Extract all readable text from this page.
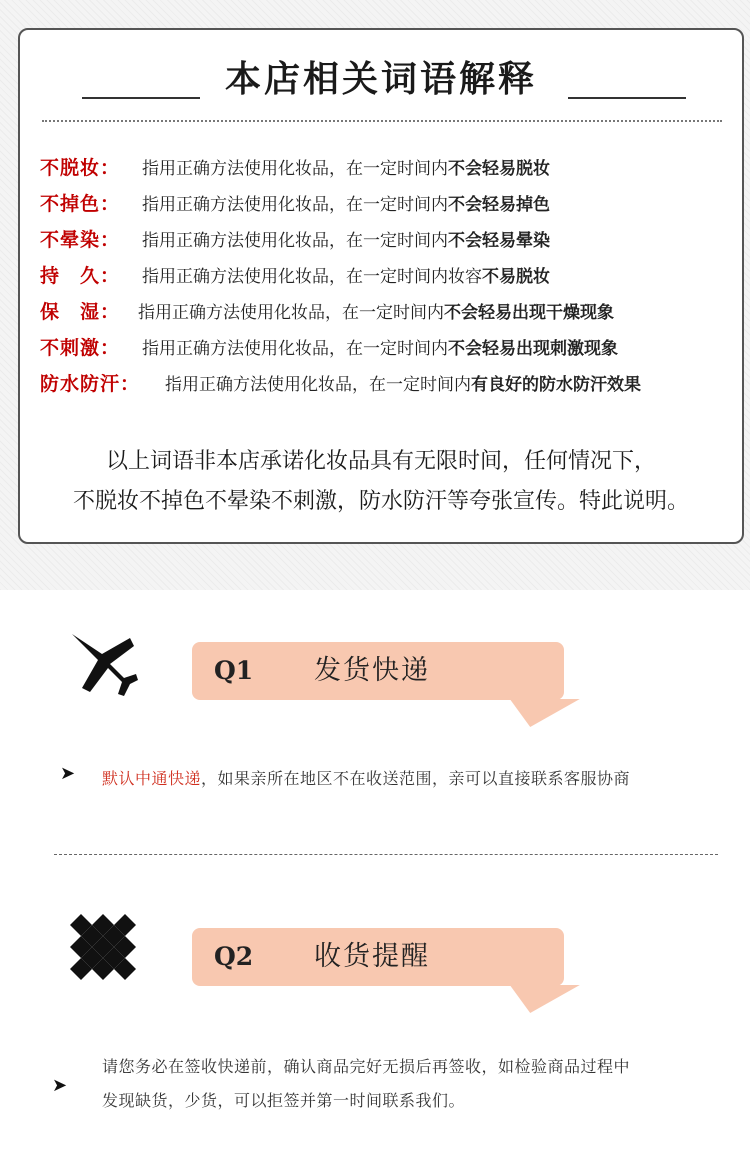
本店相关词语解释
不脱妆：	指用正确方法使用化妆品，在一定时间内不会轻易脱妆
不掉色：	指用正确方法使用化妆品，在一定时间内不会轻易掉色
不晕染：	指用正确方法使用化妆品，在一定时间内不会轻易晕染
持　久：	指用正确方法使用化妆品，在一定时间内妆容不易脱妆
保　湿：	指用正确方法使用化妆品，在一定时间内不会轻易出现干燥现象
不刺激：	指用正确方法使用化妆品，在一定时间内不会轻易出现刺激现象
防水防汗：	指用正确方法使用化妆品，在一定时间内有良好的防水防汗效果
以上词语非本店承诺化妆品具有无限时间，任何情况下，
不脱妆不掉色不晕染不刺激，防水防汗等夸张宣传。特此说明。
Q1 发货快递
➤ 默认中通快递，如果亲所在地区不在收送范围，亲可以直接联系客服协商
Q2 收货提醒
➤
请您务必在签收快递前，确认商品完好无损后再签收，如检验商品过程中
发现缺货，少货，可以拒签并第一时间联系我们。
